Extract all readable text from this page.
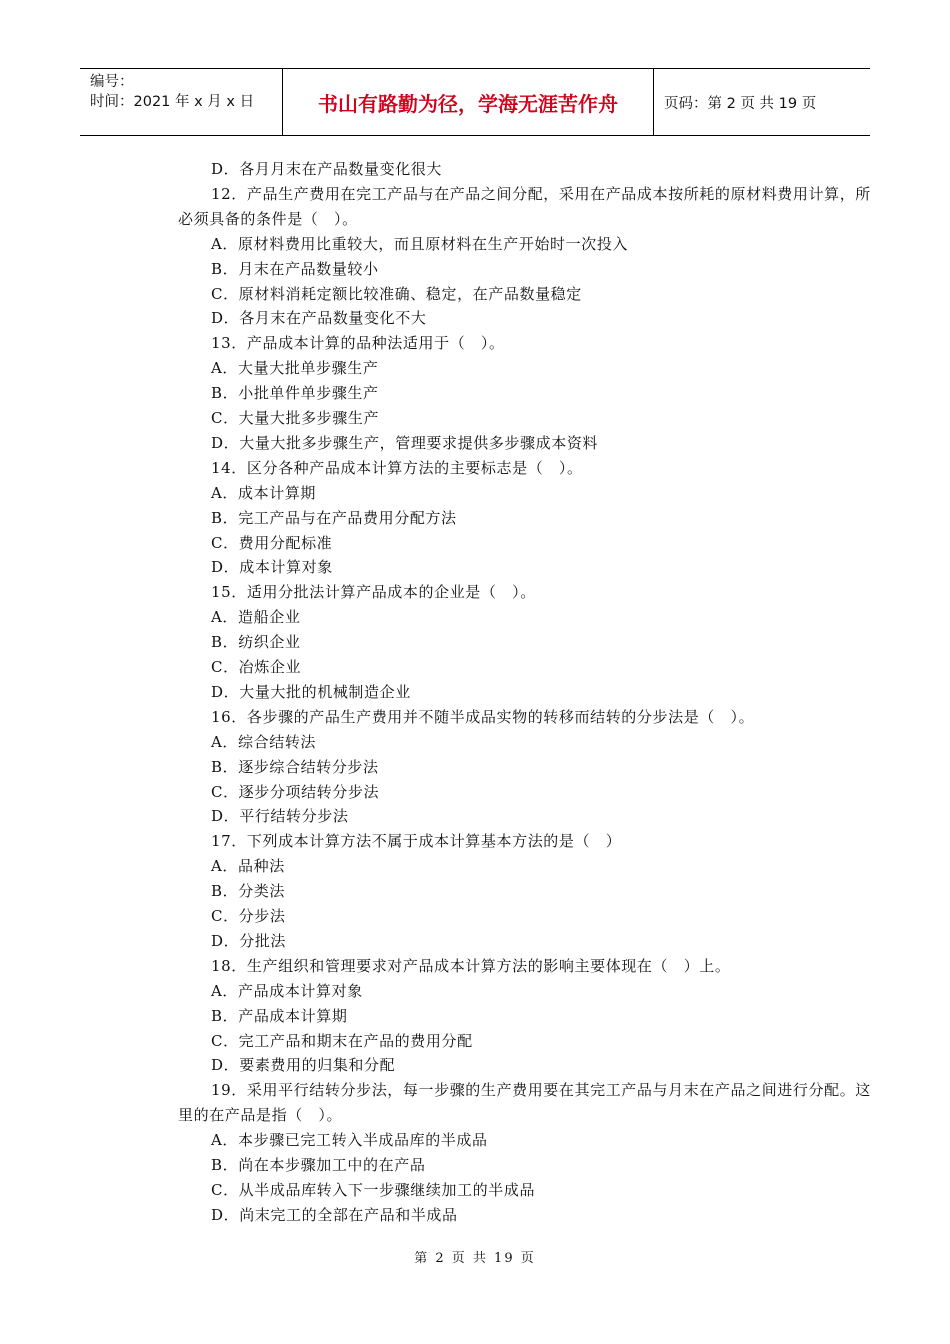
编号：
时间：2021 年 x 月 x 日	书山有路勤为径，学海无涯苦作舟	页码：第 2 页 共 19 页
D．各月月末在产品数量变化很大
12．产品生产费用在完工产品与在产品之间分配，采用在产品成本按所耗的原材料费用计算，所
必须具备的条件是（　）。
A．原材料费用比重较大，而且原材料在生产开始时一次投入
B．月末在产品数量较小
C．原材料消耗定额比较准确、稳定，在产品数量稳定
D．各月末在产品数量变化不大
13．产品成本计算的品种法适用于（　）。
A．大量大批单步骤生产
B．小批单件单步骤生产
C．大量大批多步骤生产
D．大量大批多步骤生产，管理要求提供多步骤成本资料
14．区分各种产品成本计算方法的主要标志是（　）。
A．成本计算期
B．完工产品与在产品费用分配方法
C．费用分配标准
D．成本计算对象
15．适用分批法计算产品成本的企业是（　）。
A．造船企业
B．纺织企业
C．冶炼企业
D．大量大批的机械制造企业
16．各步骤的产品生产费用并不随半成品实物的转移而结转的分步法是（　）。
A．综合结转法
B．逐步综合结转分步法
C．逐步分项结转分步法
D．平行结转分步法
17．下列成本计算方法不属于成本计算基本方法的是（　）
A．品种法
B．分类法
C．分步法
D．分批法
18．生产组织和管理要求对产品成本计算方法的影响主要体现在（　）上。
A．产品成本计算对象
B．产品成本计算期
C．完工产品和期末在产品的费用分配
D．要素费用的归集和分配
19．采用平行结转分步法，每一步骤的生产费用要在其完工产品与月末在产品之间进行分配。这
里的在产品是指（　）。
A．本步骤已完工转入半成品库的半成品
B．尚在本步骤加工中的在产品
C．从半成品库转入下一步骤继续加工的半成品
D．尚末完工的全部在产品和半成品
第 2 页 共 19 页
